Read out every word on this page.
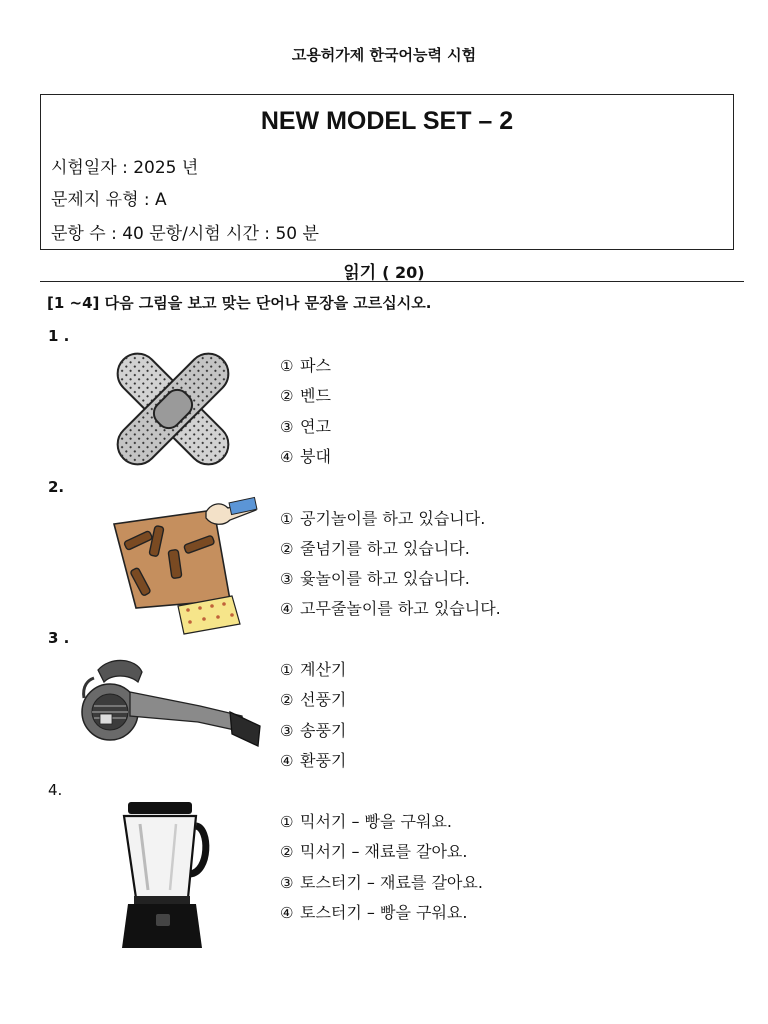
고용허가제 한국어능력 시험
NEW MODEL SET – 2
시험일자 : 2025 년
문제지 유형 : A
문항 수 : 40 문항/시험 시간 : 50 분
읽기 ( 20)
[1 ~4] 다음 그림을 보고 맞는 단어나 문장을 고르십시오.
1 .
① 파스
② 벤드
③ 연고
④ 붕대
2.
① 공기놀이를 하고 있습니다.
② 줄넘기를 하고 있습니다.
③ 윷놀이를 하고 있습니다.
④ 고무줄놀이를 하고 있습니다.
3 .
① 계산기
② 선풍기
③ 송풍기
④ 환풍기
4.
① 믹서기 – 빵을 구워요.
② 믹서기 – 재료를 갈아요.
③ 토스터기 – 재료를 갈아요.
④ 토스터기 – 빵을 구워요.
